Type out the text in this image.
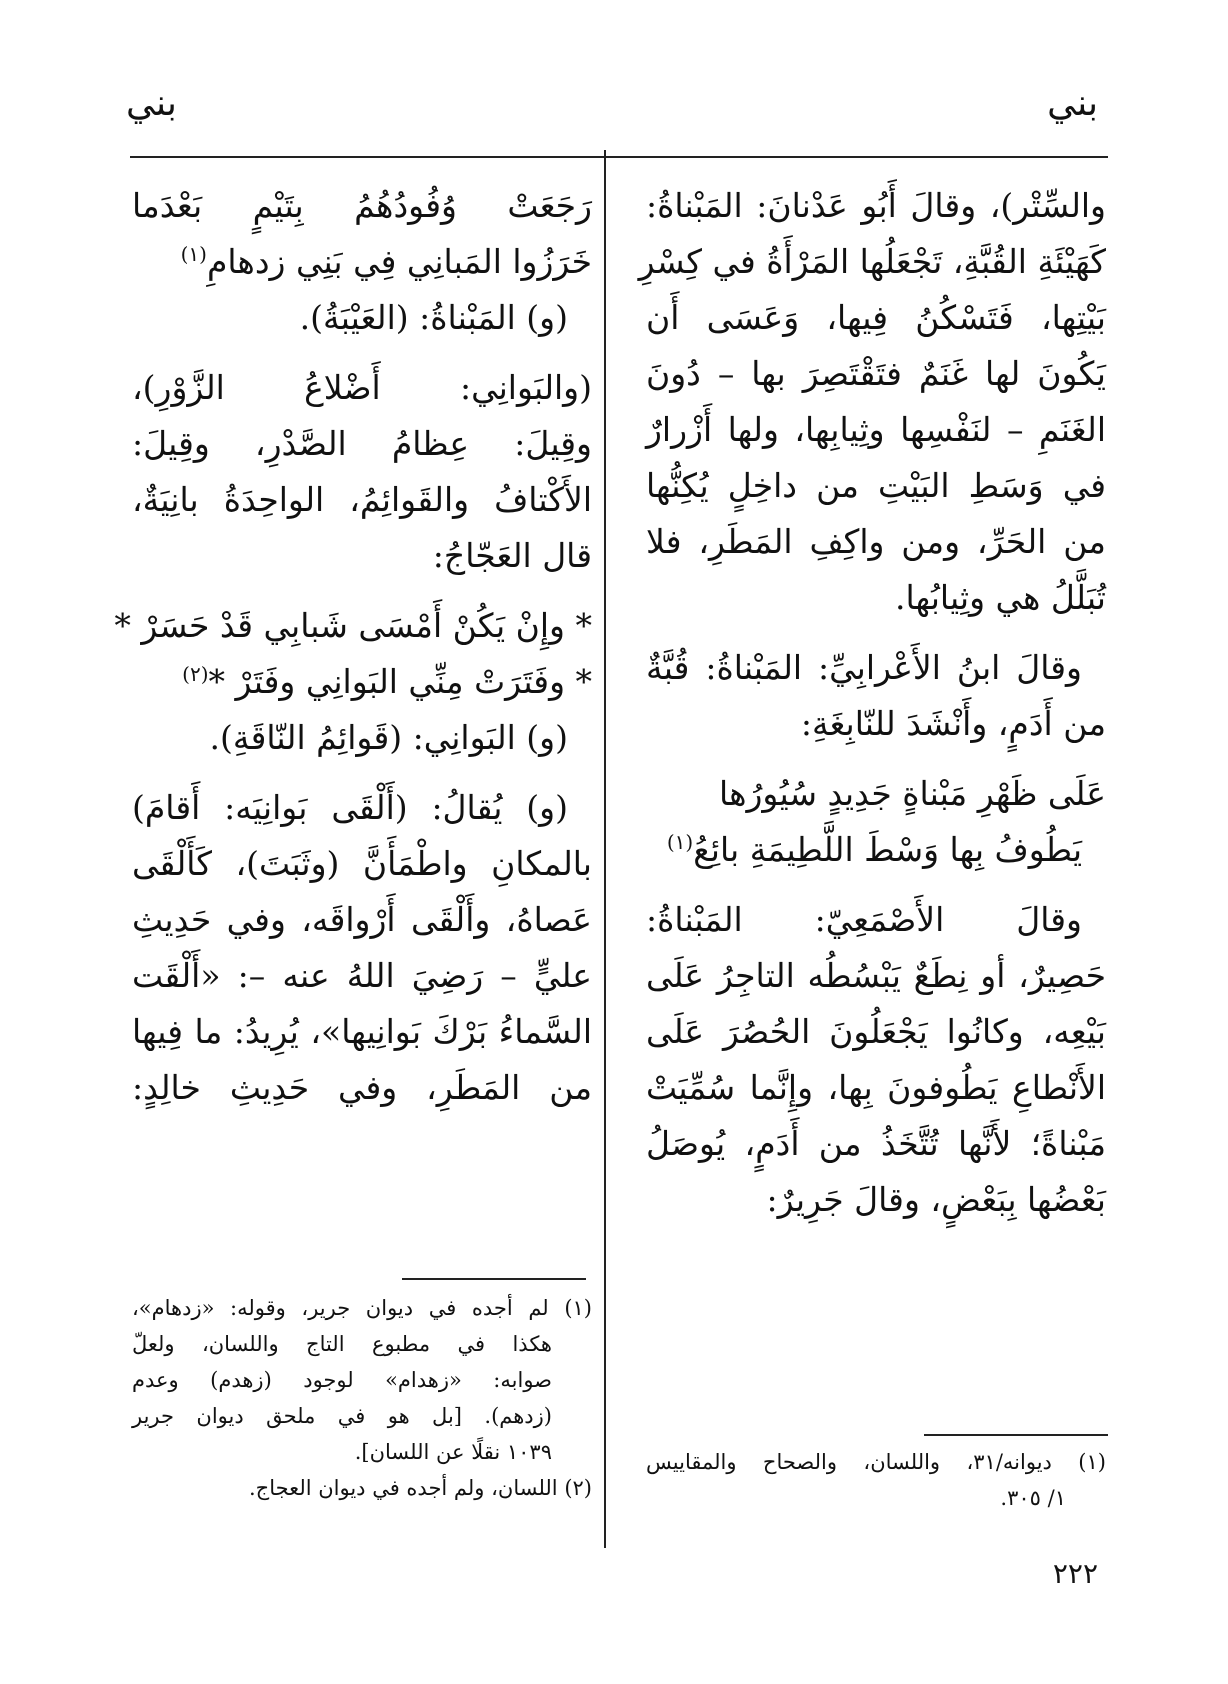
بني
بني
والسِّتْر)، وقالَ أَبُو عَدْنانَ: المَبْناةُ:
كَهَيْئَةِ القُبَّةِ، تَجْعَلُها المَرْأَةُ في كِسْرِ
بَيْتِها، فَتَسْكُنُ فِيها، وَعَسَى أَن
يَكُونَ لها غَنَمٌ فتَقْتَصِرَ بها – دُونَ
الغَنَمِ – لنَفْسِها وثِيابِها، ولها أَزْرارٌ
في وَسَطِ البَيْتِ من داخِلٍ يُكِنُّها
من الحَرِّ، ومن واكِفِ المَطَرِ، فلا
تُبَلَّلُ هي وثِيابُها.
وقالَ ابنُ الأَعْرابِيِّ: المَبْناةُ: قُبَّةٌ
من أَدَمٍ، وأَنْشَدَ للنّابِغَةِ:
عَلَى ظَهْرِ مَبْناةٍ جَدِيدٍ سُيُورُها
يَطُوفُ بِها وَسْطَ اللَّطِيمَةِ بائِعُ$^{(١)}$
وقالَ الأَصْمَعِيّ: المَبْناةُ:
حَصِيرٌ، أو نِطَعٌ يَبْسُطُه التاجِرُ عَلَى
بَيْعِه، وكانُوا يَجْعَلُونَ الحُصُرَ عَلَى
الأَنْطاعِ يَطُوفونَ بِها، وإِنَّما سُمِّيَتْ
مَبْناةً؛ لأَنَّها تُتَّخَذُ من أَدَمٍ، يُوصَلُ
بَعْضُها بِبَعْضٍ، وقالَ جَرِيرٌ:
رَجَعَتْ وُفُودُهُمُ بِتَيْمٍ بَعْدَما
خَرَزُوا المَبانِي فِي بَنِي زدهامِ$^{(١)}$
(و) المَبْناةُ: (العَيْبَةُ).
(والبَوانِي: أَضْلاعُ الزَّوْرِ)،
وقِيلَ: عِظامُ الصَّدْرِ، وقِيلَ:
الأَكْتافُ والقَوائِمُ، الواحِدَةُ بانِيَةٌ،
قال العَجّاجُ:
* وإِنْ يَكُنْ أَمْسَى شَبابِي قَدْ حَسَرْ *
* وفَتَرَتْ مِنِّي البَوانِي وفَتَرْ *$^{(٢)}$
(و) البَوانِي: (قَوائِمُ النّاقَةِ).
(و) يُقالُ: (أَلْقَى بَوانِيَه: أَقامَ)
بالمكانِ واطْمَأَنَّ (وثَبَتَ)، كَأَلْقَى
عَصاهُ، وأَلْقَى أَرْواقَه، وفي حَدِيثِ
عليٍّ – رَضِيَ اللهُ عنه –: «أَلْقَت
السَّماءُ بَرْكَ بَوانِيها»، يُرِيدُ: ما فِيها
من المَطَرِ، وفي حَدِيثِ خالِدٍ:
(١) لم أجده في ديوان جرير، وقوله: «زدهام»،
هكذا في مطبوع التاج واللسان، ولعلّ
صوابه: «زهدام» لوجود (زهدم) وعدم
(زدهم). [بل هو في ملحق ديوان جرير
١٠٣٩ نقلًا عن اللسان].
(٢) اللسان، ولم أجده في ديوان العجاج.
(١) ديوانه/٣١، واللسان، والصحاح والمقاييس
١/ ٣٠٥.
٢٢٢
